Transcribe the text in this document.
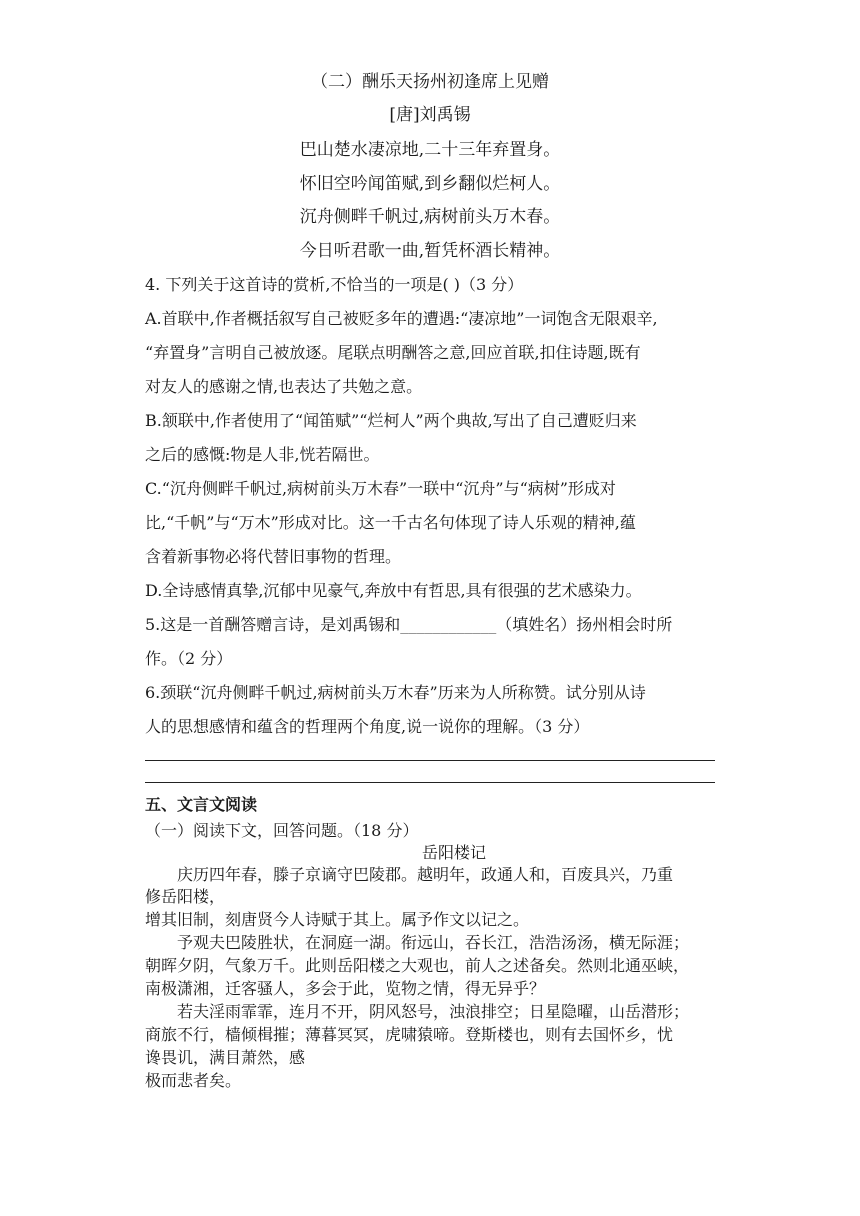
（二）酬乐天扬州初逢席上见赠
[唐]刘禹锡
巴山楚水凄凉地,二十三年弃置身。
怀旧空吟闻笛赋,到乡翻似烂柯人。
沉舟侧畔千帆过,病树前头万木春。
今日听君歌一曲,暂凭杯酒长精神。
4. 下列关于这首诗的赏析,不恰当的一项是( )（3 分）
A.首联中,作者概括叙写自己被贬多年的遭遇:“凄凉地”一词饱含无限艰辛,
“弃置身”言明自己被放逐。尾联点明酬答之意,回应首联,扣住诗题,既有
对友人的感谢之情,也表达了共勉之意。
B.颔联中,作者使用了“闻笛赋”“烂柯人”两个典故,写出了自己遭贬归来
之后的感慨:物是人非,恍若隔世。
C.“沉舟侧畔千帆过,病树前头万木春”一联中“沉舟”与“病树”形成对
比,“千帆”与“万木”形成对比。这一千古名句体现了诗人乐观的精神,蕴
含着新事物必将代替旧事物的哲理。
D.全诗感情真挚,沉郁中见豪气,奔放中有哲思,具有很强的艺术感染力。
5.这是一首酬答赠言诗，是刘禹锡和____________（填姓名）扬州相会时所
作。（2 分）
6.颈联“沉舟侧畔千帆过,病树前头万木春”历来为人所称赞。试分别从诗
人的思想感情和蕴含的哲理两个角度,说一说你的理解。（3 分）
五、文言文阅读
（一）阅读下文，回答问题。（18 分）
岳阳楼记
庆历四年春，滕子京谪守巴陵郡。越明年，政通人和，百废具兴，乃重
修岳阳楼，
增其旧制，刻唐贤今人诗赋于其上。属予作文以记之。
予观夫巴陵胜状，在洞庭一湖。衔远山，吞长江，浩浩汤汤，横无际涯；
朝晖夕阴，气象万千。此则岳阳楼之大观也，前人之述备矣。然则北通巫峡，
南极潇湘，迁客骚人，多会于此，览物之情，得无异乎？
若夫淫雨霏霏，连月不开，阴风怒号，浊浪排空；日星隐曜，山岳潜形；
商旅不行，樯倾楫摧；薄暮冥冥，虎啸猿啼。登斯楼也，则有去国怀乡，忧
谗畏讥，满目萧然，感
极而悲者矣。
